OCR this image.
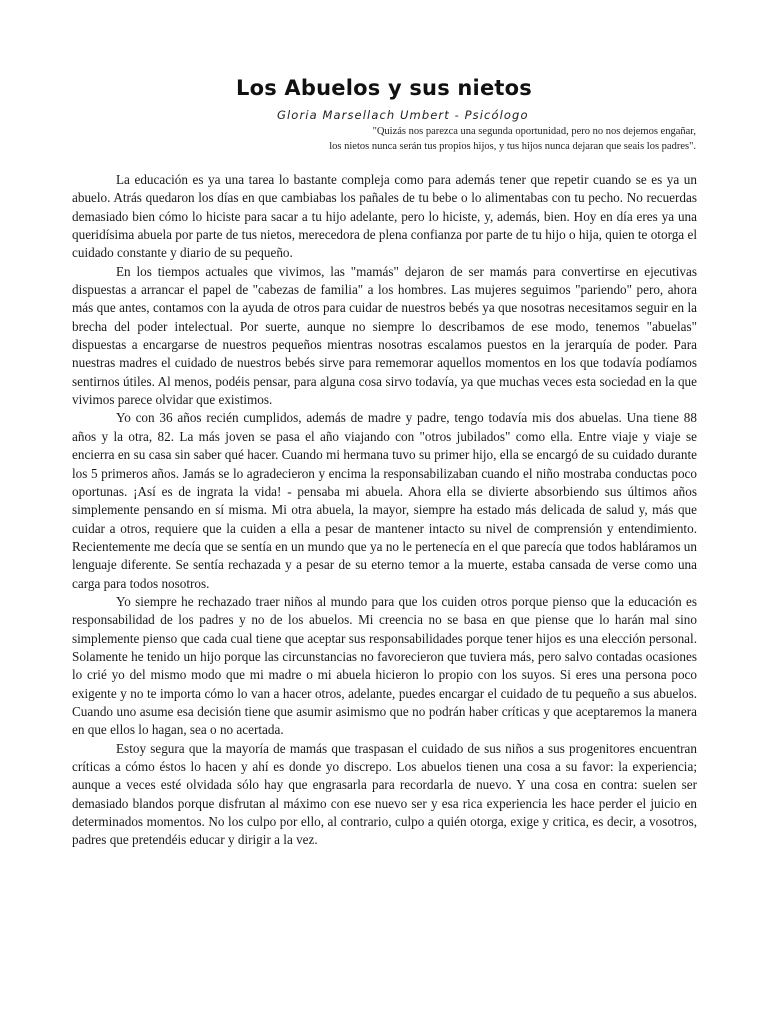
Los Abuelos y sus nietos

Gloria Marsellach Umbert - Psicólogo

"Quizás nos parezca una segunda oportunidad, pero no nos dejemos engañar,
los nietos nunca serán tus propios hijos, y tus hijos nunca dejaran que seais los padres".

La educación es ya una tarea lo bastante compleja como para además tener que repetir cuando se es ya un abuelo. Atrás quedaron los días en que cambiabas los pañales de tu bebe o lo alimentabas con tu pecho. No recuerdas demasiado bien cómo lo hiciste para sacar a tu hijo adelante, pero lo hiciste, y, además, bien. Hoy en día eres ya una queridísima abuela por parte de tus nietos, merecedora de plena confianza por parte de tu hijo o hija, quien te otorga el cuidado constante y diario de su pequeño.

En los tiempos actuales que vivimos, las "mamás" dejaron de ser mamás para convertirse en ejecutivas dispuestas a arrancar el papel de "cabezas de familia" a los hombres. Las mujeres seguimos "pariendo" pero, ahora más que antes, contamos con la ayuda de otros para cuidar de nuestros bebés ya que nosotras necesitamos seguir en la brecha del poder intelectual. Por suerte, aunque no siempre lo describamos de ese modo, tenemos "abuelas" dispuestas a encargarse de nuestros pequeños mientras nosotras escalamos puestos en la jerarquía de poder. Para nuestras madres el cuidado de nuestros bebés sirve para rememorar aquellos momentos en los que todavía podíamos sentirnos útiles. Al menos, podéis pensar, para alguna cosa sirvo todavía, ya que muchas veces esta sociedad en la que vivimos parece olvidar que existimos.

Yo con 36 años recién cumplidos, además de madre y padre, tengo todavía mis dos abuelas. Una tiene 88 años y la otra, 82. La más joven se pasa el año viajando con "otros jubilados" como ella. Entre viaje y viaje se encierra en su casa sin saber qué hacer. Cuando mi hermana tuvo su primer hijo, ella se encargó de su cuidado durante los 5 primeros años. Jamás se lo agradecieron y encima la responsabilizaban cuando el niño mostraba conductas poco oportunas. ¡Así es de ingrata la vida! - pensaba mi abuela. Ahora ella se divierte absorbiendo sus últimos años simplemente pensando en sí misma. Mi otra abuela, la mayor, siempre ha estado más delicada de salud y, más que cuidar a otros, requiere que la cuiden a ella a pesar de mantener intacto su nivel de comprensión y entendimiento. Recientemente me decía que se sentía en un mundo que ya no le pertenecía en el que parecía que todos habláramos un lenguaje diferente. Se sentía rechazada y a pesar de su eterno temor a la muerte, estaba cansada de verse como una carga para todos nosotros.

Yo siempre he rechazado traer niños al mundo para que los cuiden otros porque pienso que la educación es responsabilidad de los padres y no de los abuelos. Mi creencia no se basa en que piense que lo harán mal sino simplemente pienso que cada cual tiene que aceptar sus responsabilidades porque tener hijos es una elección personal. Solamente he tenido un hijo porque las circunstancias no favorecieron que tuviera más, pero salvo contadas ocasiones lo crié yo del mismo modo que mi madre o mi abuela hicieron lo propio con los suyos. Si eres una persona poco exigente y no te importa cómo lo van a hacer otros, adelante, puedes encargar el cuidado de tu pequeño a sus abuelos. Cuando uno asume esa decisión tiene que asumir asimismo que no podrán haber críticas y que aceptaremos la manera en que ellos lo hagan, sea o no acertada.

Estoy segura que la mayoría de mamás que traspasan el cuidado de sus niños a sus progenitores encuentran críticas a cómo éstos lo hacen y ahí es donde yo discrepo. Los abuelos tienen una cosa a su favor: la experiencia; aunque a veces esté olvidada sólo hay que engrasarla para recordarla de nuevo. Y una cosa en contra: suelen ser demasiado blandos porque disfrutan al máximo con ese nuevo ser y esa rica experiencia les hace perder el juicio en determinados momentos. No los culpo por ello, al contrario, culpo a quién otorga, exige y critica, es decir, a vosotros, padres que pretendéis educar y dirigir a la vez.
